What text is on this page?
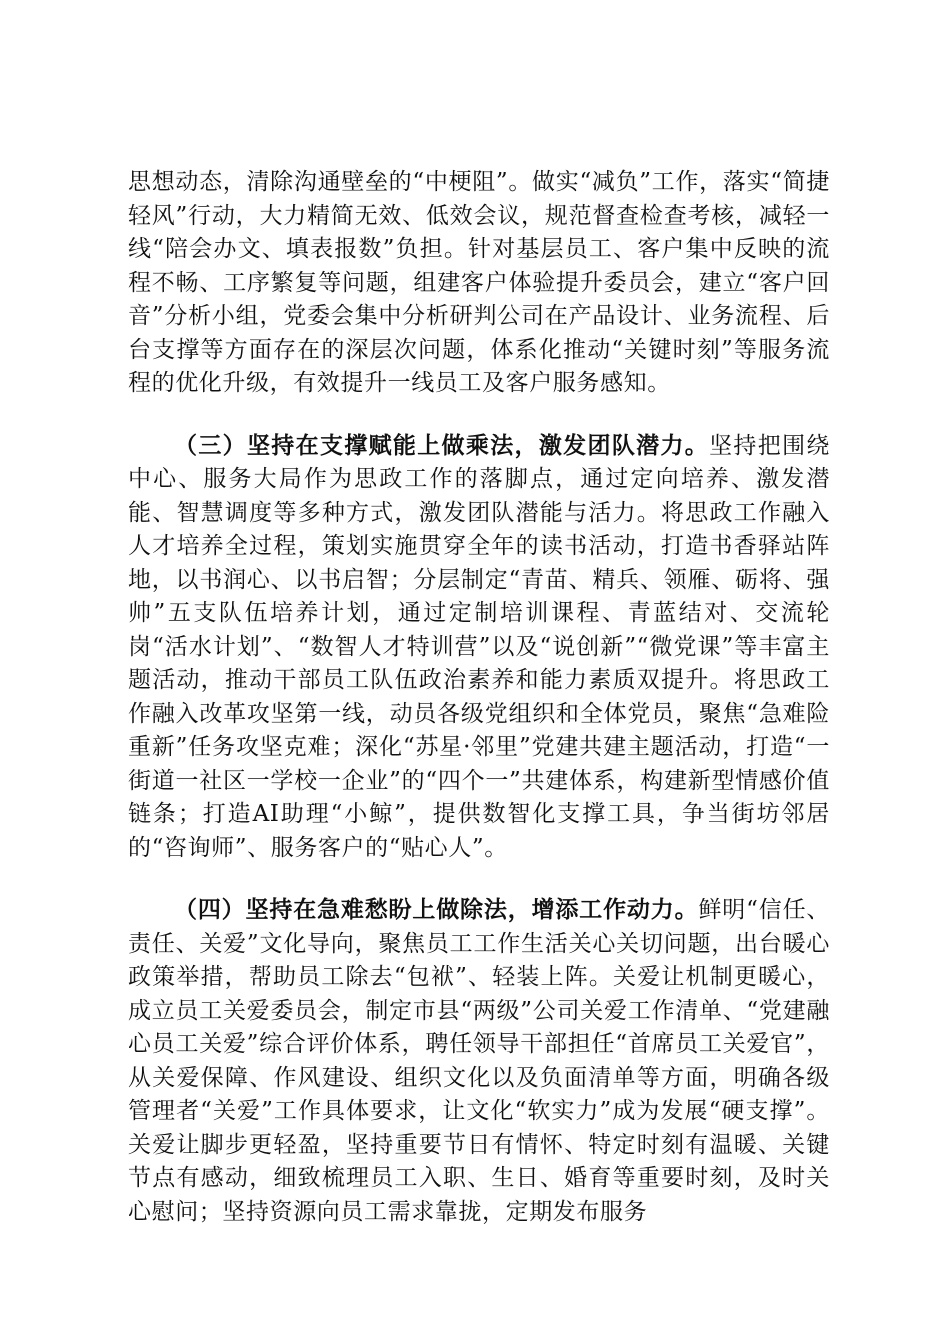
思想动态，清除沟通壁垒的“中梗阻”。做实“减负”工作，落实“简捷轻风”行动，大力精简无效、低效会议，规范督查检查考核，减轻一线“陪会办文、填表报数”负担。针对基层员工、客户集中反映的流程不畅、工序繁复等问题，组建客户体验提升委员会，建立“客户回音”分析小组，党委会集中分析研判公司在产品设计、业务流程、后台支撑等方面存在的深层次问题，体系化推动“关键时刻”等服务流程的优化升级，有效提升一线员工及客户服务感知。

（三）坚持在支撑赋能上做乘法，激发团队潜力。坚持把围绕中心、服务大局作为思政工作的落脚点，通过定向培养、激发潜能、智慧调度等多种方式，激发团队潜能与活力。将思政工作融入人才培养全过程，策划实施贯穿全年的读书活动，打造书香驿站阵地，以书润心、以书启智；分层制定“青苗、精兵、领雁、砺将、强帅”五支队伍培养计划，通过定制培训课程、青蓝结对、交流轮岗“活水计划”、“数智人才特训营”以及“说创新”“微党课”等丰富主题活动，推动干部员工队伍政治素养和能力素质双提升。将思政工作融入改革攻坚第一线，动员各级党组织和全体党员，聚焦“急难险重新”任务攻坚克难；深化“苏星·邻里”党建共建主题活动，打造“一街道一社区一学校一企业”的“四个一”共建体系，构建新型情感价值链条；打造AI助理“小鲸”，提供数智化支撑工具，争当街坊邻居的“咨询师”、服务客户的“贴心人”。

（四）坚持在急难愁盼上做除法，增添工作动力。鲜明“信任、责任、关爱”文化导向，聚焦员工工作生活关心关切问题，出台暖心政策举措，帮助员工除去“包袱”、轻装上阵。关爱让机制更暖心，成立员工关爱委员会，制定市县“两级”公司关爱工作清单、“党建融心员工关爱”综合评价体系，聘任领导干部担任“首席员工关爱官”，从关爱保障、作风建设、组织文化以及负面清单等方面，明确各级管理者“关爱”工作具体要求，让文化“软实力”成为发展“硬支撑”。关爱让脚步更轻盈，坚持重要节日有情怀、特定时刻有温暖、关键节点有感动，细致梳理员工入职、生日、婚育等重要时刻，及时关心慰问；坚持资源向员工需求靠拢，定期发布服务
